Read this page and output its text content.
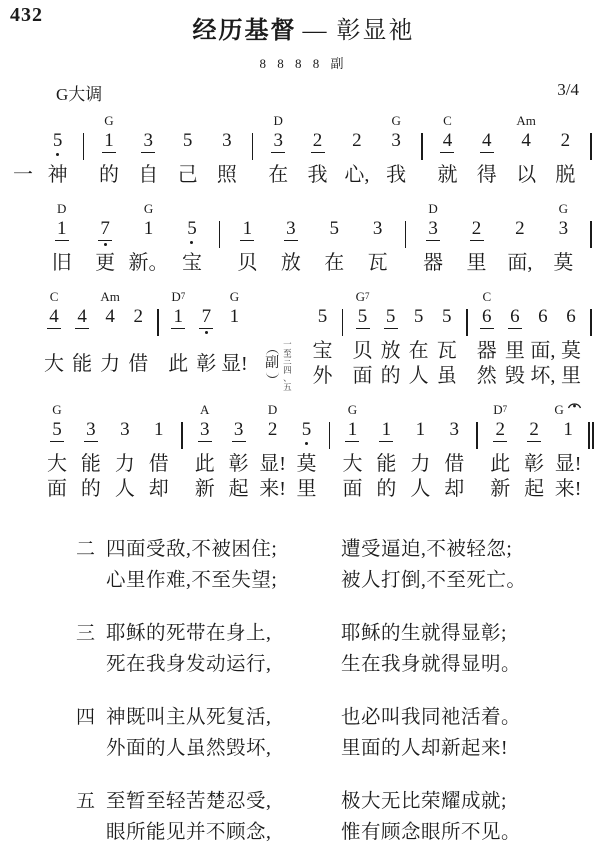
432
经历基督 — 彰显祂
8 8 8 8 副
G大调	3/4
一
5
神
G
1
的
3
自
5
己
3
照
D
3
在
2
我
2
心,
G
3
我
C
4
就
4
得
Am
4
以
2
脱
D
1
旧
7
更
G
1
新。
5
宝
1
贝
3
放
5
在
3
瓦
D
3
器
2
里
2
面,
G
3
莫
C
4
大
4
能
Am
4
力
2
借
$D_7$
1
此
7
彰
G
1
显! 副
一
至
三
四
、
五
5
宝
外
$G_7$
5
贝
面
5
放
的
5
在
人
5
瓦
虽
C
6
器
然
6
里
毁
6
面,
坏,
6
莫
里
G
5
大
面
3
能
的
3
力
人
1
借
却
A
3
此
新
3
彰
起
D
2
显!
来!
5
莫
里
G
1
大
面
1
能
的
1
力
人
3
借
却
$D_7$
2
此
新
2
彰
起
G
1
显!
来!
二 四面受敌,不被困住;	遭受逼迫,不被轻忽;
心里作难,不至失望;	被人打倒,不至死亡。
三 耶稣的死带在身上,	耶稣的生就得显彰;
死在我身发动运行,	生在我身就得显明。
四 神既叫主从死复活,	也必叫我同祂活着。
外面的人虽然毁坏,	里面的人却新起来!
五 至暂至轻苦楚忍受,	极大无比荣耀成就;
眼所能见并不顾念,	惟有顾念眼所不见。
